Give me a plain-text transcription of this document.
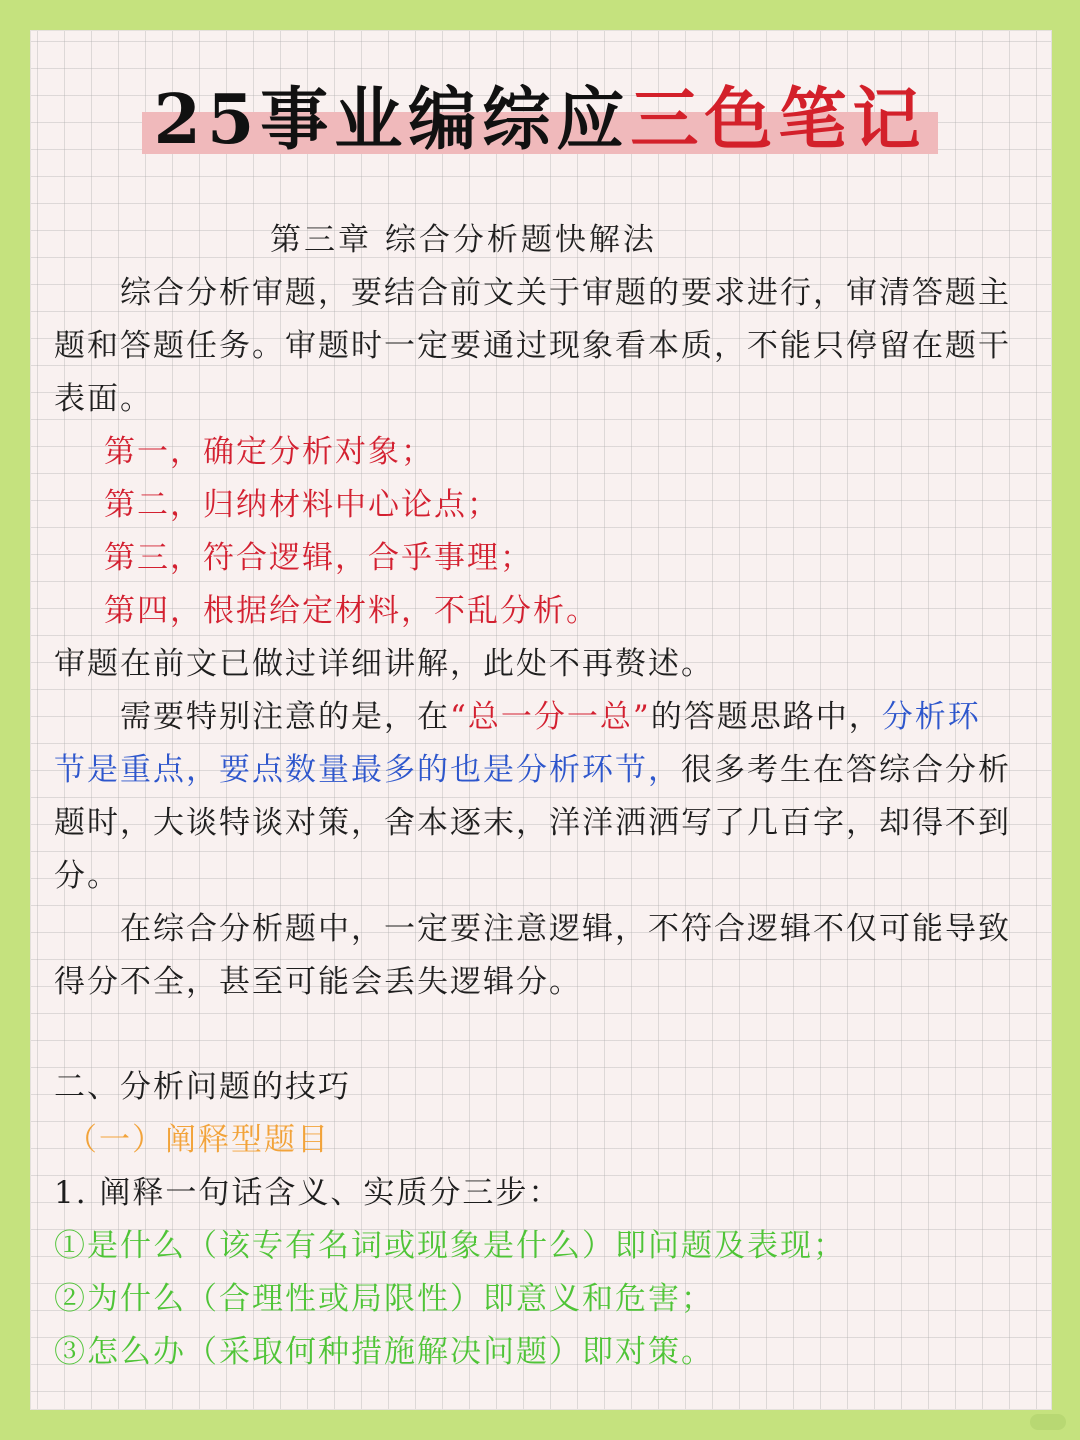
25事业编综应三色笔记
第三章 综合分析题快解法
综合分析审题，要结合前文关于审题的要求进行，审清答题主
题和答题任务。审题时一定要通过现象看本质，不能只停留在题干
表面。
第一，确定分析对象；
第二，归纳材料中心论点；
第三，符合逻辑，合乎事理；
第四，根据给定材料，不乱分析。
审题在前文已做过详细讲解，此处不再赘述。
需要特别注意的是，在“总一分一总”的答题思路中，分析环
节是重点，要点数量最多的也是分析环节，很多考生在答综合分析
题时，大谈特谈对策，舍本逐末，洋洋洒洒写了几百字，却得不到
分。
在综合分析题中，一定要注意逻辑，不符合逻辑不仅可能导致
得分不全，甚至可能会丢失逻辑分。
二、分析问题的技巧
（一）阐释型题目
1. 阐释一句话含义、实质分三步：
①是什么（该专有名词或现象是什么）即问题及表现；
②为什么（合理性或局限性）即意义和危害；
③怎么办（采取何种措施解决问题）即对策。
